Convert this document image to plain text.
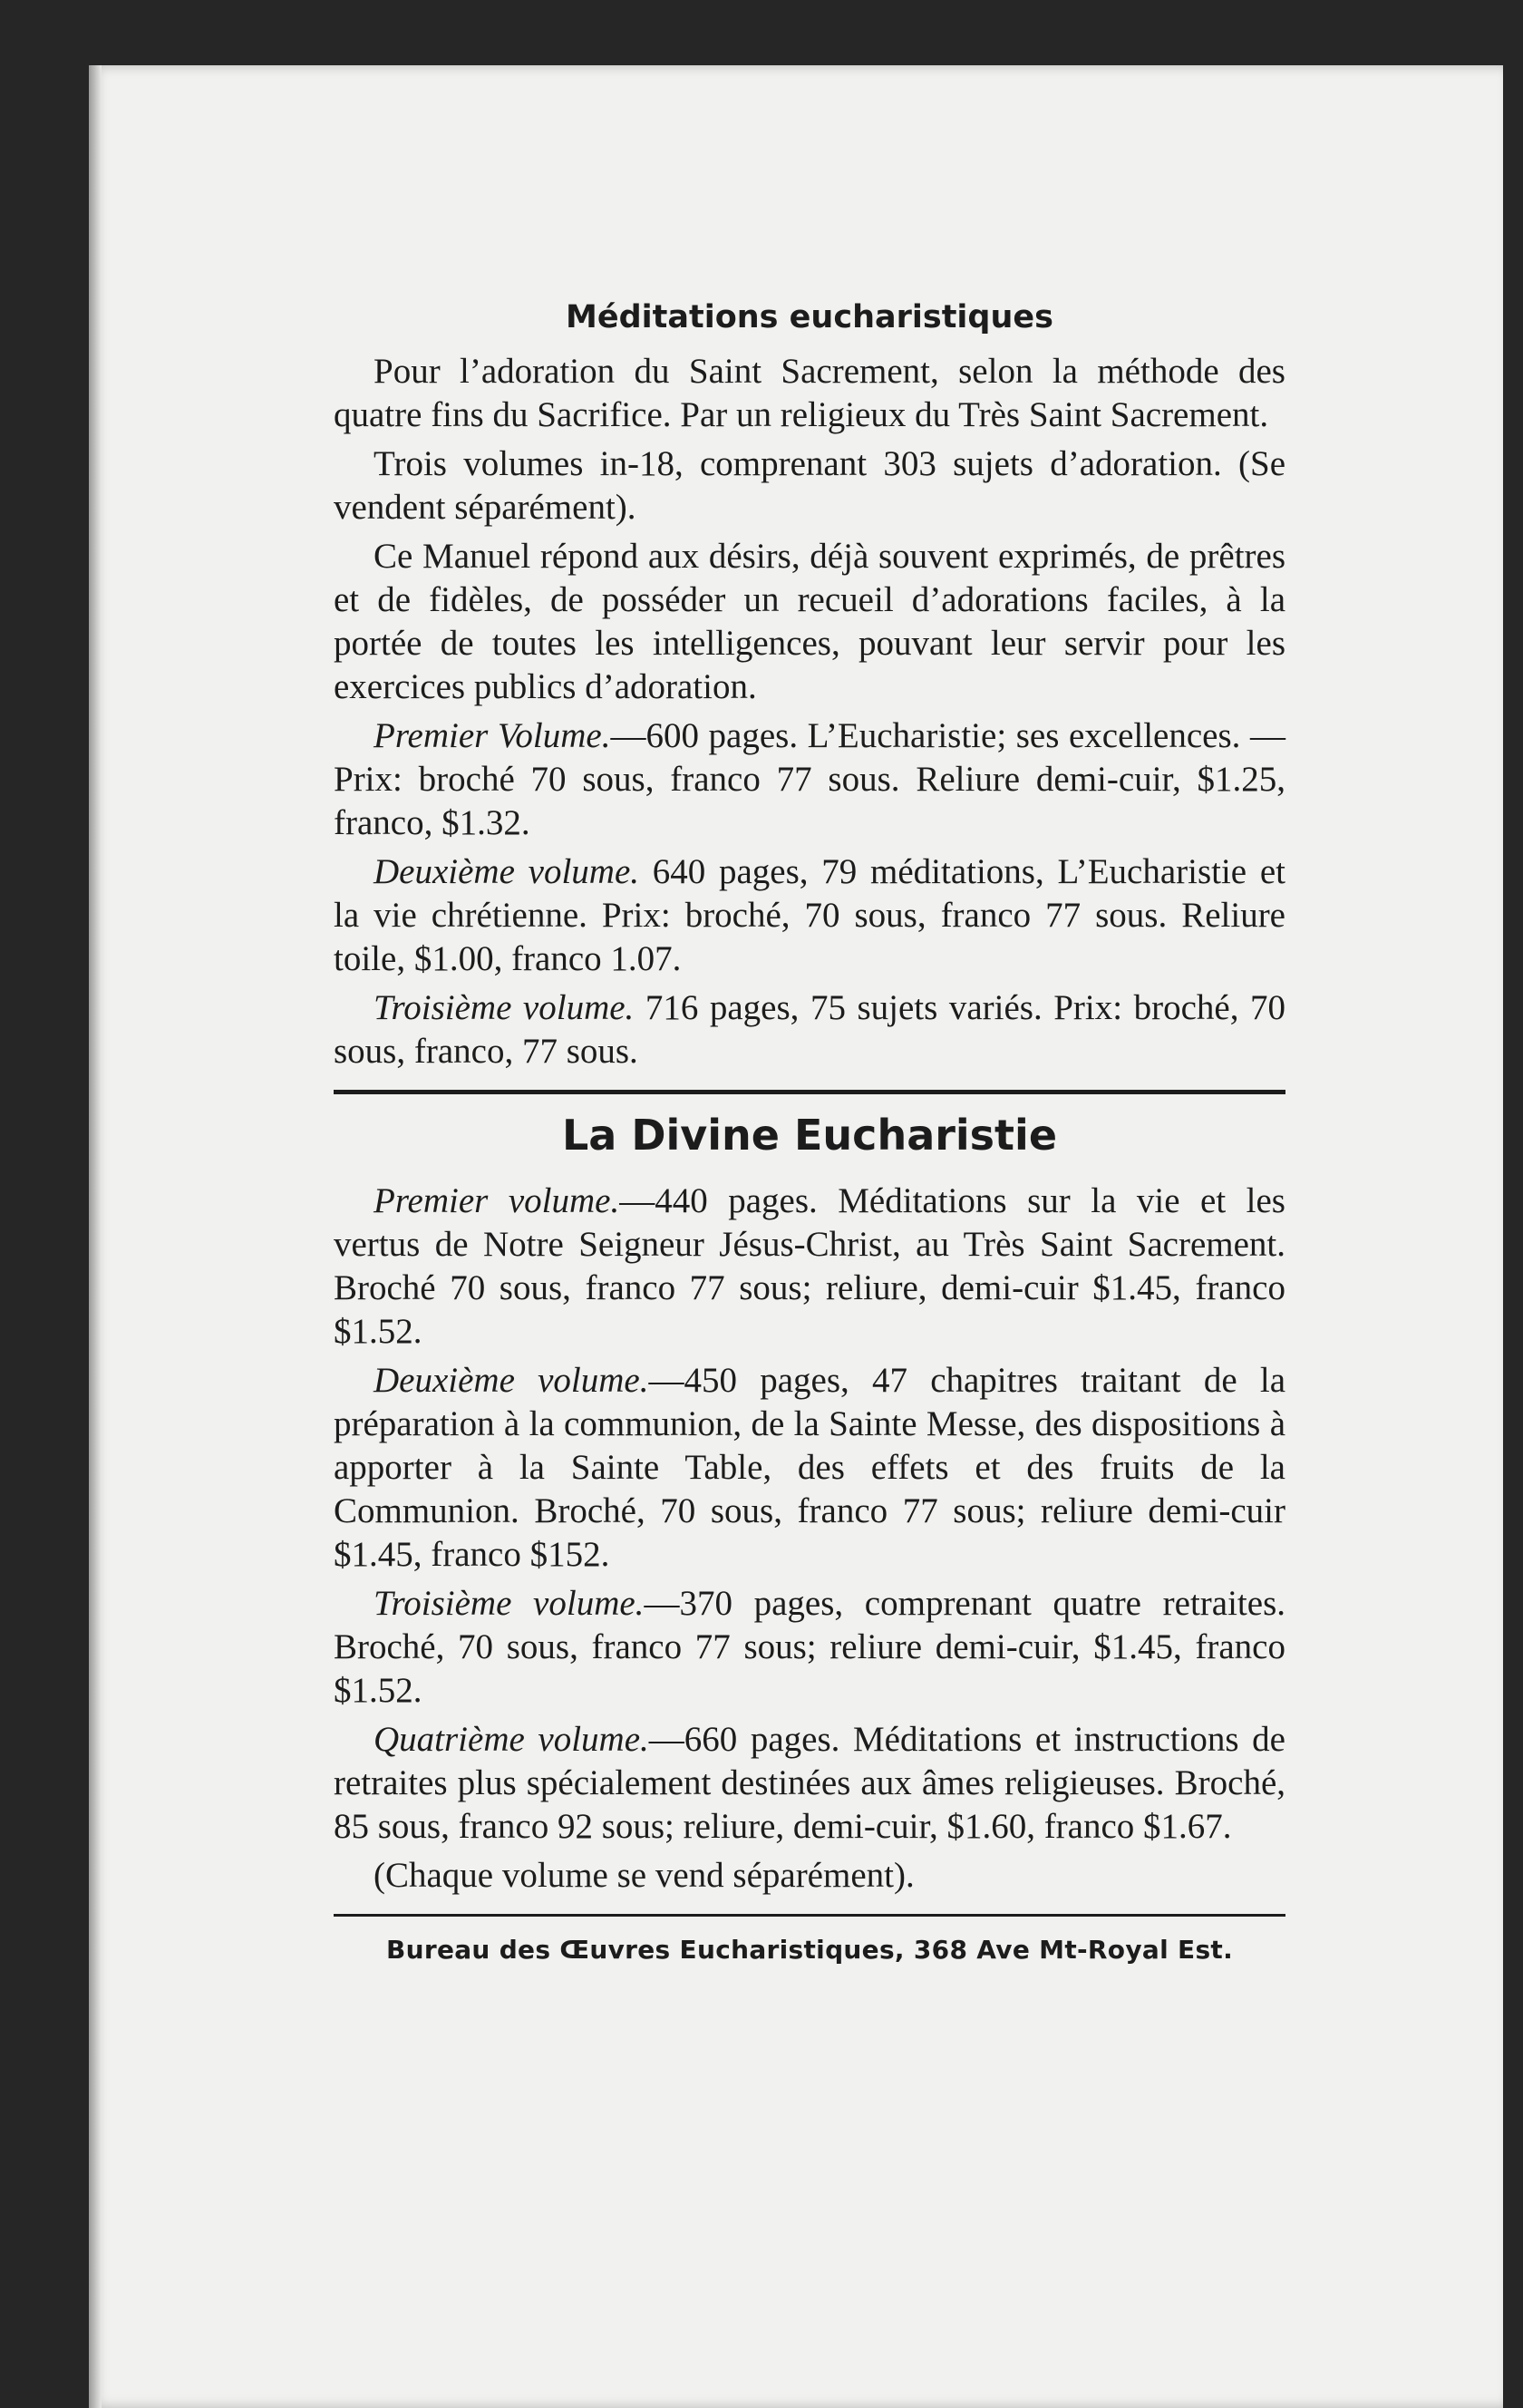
Méditations eucharistiques

Pour l’adoration du Saint Sacrement, selon la méthode des quatre fins du Sacrifice. Par un religieux du Très Saint Sacrement.

Trois volumes in-18, comprenant 303 sujets d’adoration. (Se vendent séparément).

Ce Manuel répond aux désirs, déjà souvent exprimés, de prêtres et de fidèles, de posséder un recueil d’adorations faciles, à la portée de toutes les intelligences, pouvant leur servir pour les exercices publics d’adoration.

Premier Volume.—600 pages. L’Eucharistie; ses excellences. — Prix: broché 70 sous, franco 77 sous. Reliure demi-cuir, $1.25, franco, $1.32.

Deuxième volume. 640 pages, 79 méditations, L’Eucharistie et la vie chrétienne. Prix: broché, 70 sous, franco 77 sous. Reliure toile, $1.00, franco 1.07.

Troisième volume. 716 pages, 75 sujets variés. Prix: broché, 70 sous, franco, 77 sous.

La Divine Eucharistie

Premier volume.—440 pages. Méditations sur la vie et les vertus de Notre Seigneur Jésus-Christ, au Très Saint Sacrement. Broché 70 sous, franco 77 sous; reliure, demi-cuir $1.45, franco $1.52.

Deuxième volume.—450 pages, 47 chapitres traitant de la préparation à la communion, de la Sainte Messe, des dispositions à apporter à la Sainte Table, des effets et des fruits de la Communion. Broché, 70 sous, franco 77 sous; reliure demi-cuir $1.45, franco $152.

Troisième volume.—370 pages, comprenant quatre retraites. Broché, 70 sous, franco 77 sous; reliure demi-cuir, $1.45, franco $1.52.

Quatrième volume.—660 pages. Méditations et instructions de retraites plus spécialement destinées aux âmes religieuses. Broché, 85 sous, franco 92 sous; reliure, demi-cuir, $1.60, franco $1.67.

(Chaque volume se vend séparément).

Bureau des Œuvres Eucharistiques, 368 Ave Mt-Royal Est.
